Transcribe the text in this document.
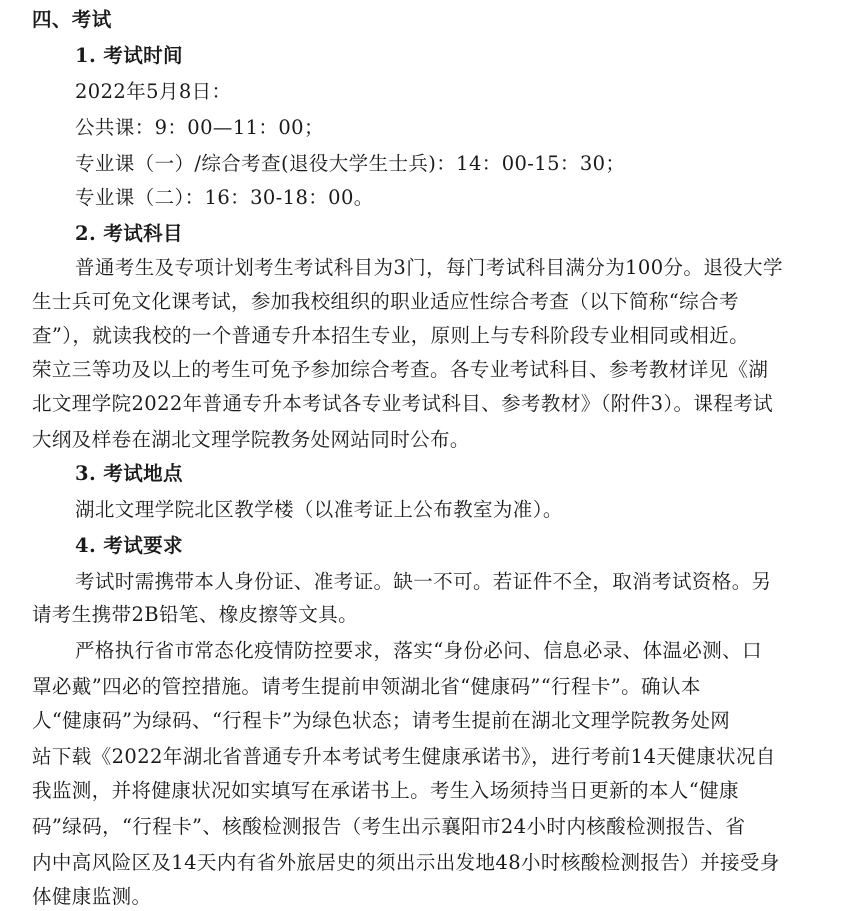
四、考试
1. 考试时间
2022年5月8日：
公共课：9：00—11：00；
专业课（一）/综合考查(退役大学生士兵)：14：00-15：30；
专业课（二）：16：30-18：00。
2. 考试科目
普通考生及专项计划考生考试科目为3门，每门考试科目满分为100分。退役大学
生士兵可免文化课考试，参加我校组织的职业适应性综合考查（以下简称“综合考
查”），就读我校的一个普通专升本招生专业，原则上与专科阶段专业相同或相近。
荣立三等功及以上的考生可免予参加综合考查。各专业考试科目、参考教材详见《湖
北文理学院2022年普通专升本考试各专业考试科目、参考教材》（附件3）。课程考试
大纲及样卷在湖北文理学院教务处网站同时公布。
3. 考试地点
湖北文理学院北区教学楼（以准考证上公布教室为准）。
4. 考试要求
考试时需携带本人身份证、准考证。缺一不可。若证件不全，取消考试资格。另
请考生携带2B铅笔、橡皮擦等文具。
严格执行省市常态化疫情防控要求，落实“身份必问、信息必录、体温必测、口
罩必戴”四必的管控措施。请考生提前申领湖北省“健康码”“行程卡”。确认本
人“健康码”为绿码、“行程卡”为绿色状态；请考生提前在湖北文理学院教务处网
站下载《2022年湖北省普通专升本考试考生健康承诺书》，进行考前14天健康状况自
我监测，并将健康状况如实填写在承诺书上。考生入场须持当日更新的本人“健康
码”绿码，“行程卡”、核酸检测报告（考生出示襄阳市24小时内核酸检测报告、省
内中高风险区及14天内有省外旅居史的须出示出发地48小时核酸检测报告）并接受身
体健康监测。
